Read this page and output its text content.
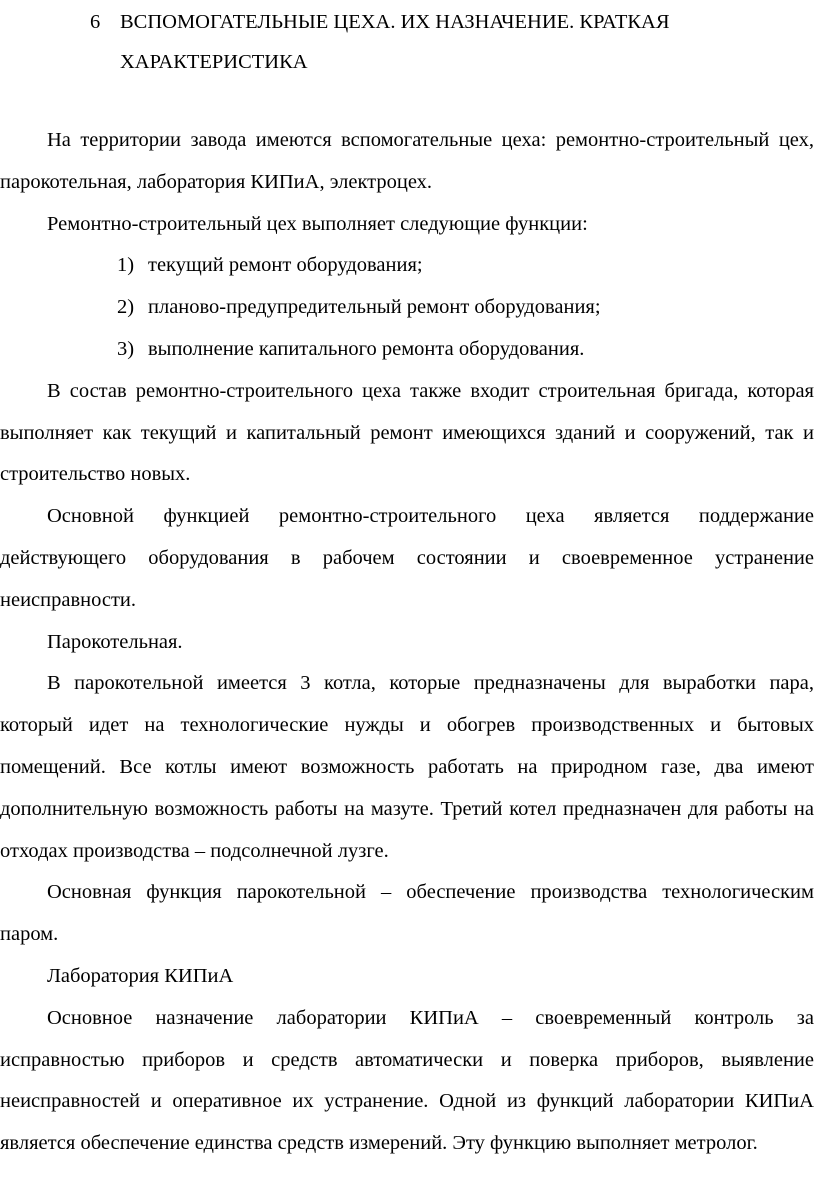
6 ВСПОМОГАТЕЛЬНЫЕ ЦЕХА. ИХ НАЗНАЧЕНИЕ. КРАТКАЯ ХАРАКТЕРИСТИКА

На территории завода имеются вспомогательные цеха: ремонтно-строительный цех, парокотельная, лаборатория КИПиА, электроцех.

Ремонтно-строительный цех выполняет следующие функции:

1) текущий ремонт оборудования;
2) планово-предупредительный ремонт оборудования;
3) выполнение капитального ремонта оборудования.

В состав ремонтно-строительного цеха также входит строительная бригада, которая выполняет как текущий и капитальный ремонт имеющихся зданий и сооружений, так и строительство новых.

Основной функцией ремонтно-строительного цеха является поддержание действующего оборудования в рабочем состоянии и своевременное устранение неисправности.

Парокотельная.

В парокотельной имеется 3 котла, которые предназначены для выработки пара, который идет на технологические нужды и обогрев производственных и бытовых помещений. Все котлы имеют возможность работать на природном газе, два имеют дополнительную возможность работы на мазуте. Третий котел предназначен для работы на отходах производства – подсолнечной лузге.

Основная функция парокотельной – обеспечение производства технологическим паром.

Лаборатория КИПиА

Основное назначение лаборатории КИПиА – своевременный контроль за исправностью приборов и средств автоматически и поверка приборов, выявление неисправностей и оперативное их устранение. Одной из функций лаборатории КИПиА является обеспечение единства средств измерений. Эту функцию выполняет метролог.
